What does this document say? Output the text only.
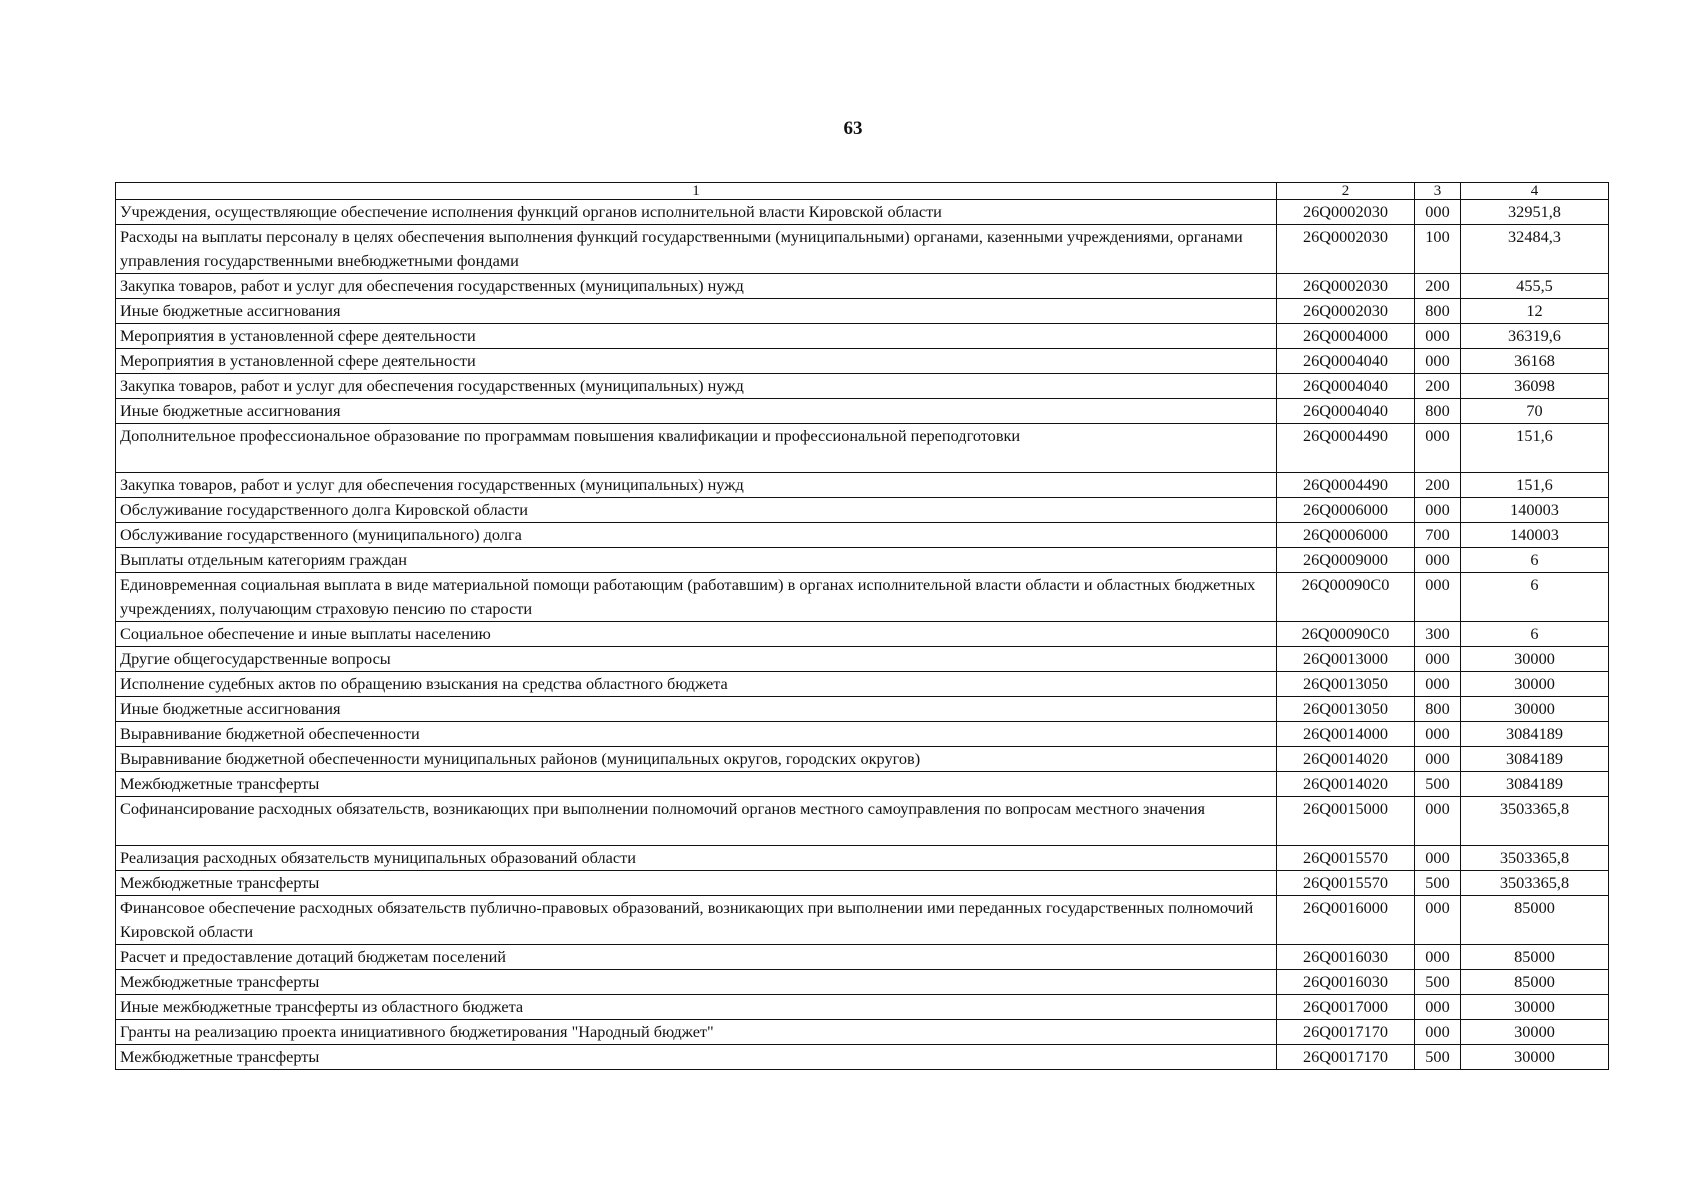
63
1	2	3	4
Учреждения, осуществляющие обеспечение исполнения функций органов исполнительной власти Кировской области	26Q0002030	000	32951,8
Расходы на выплаты персоналу в целях обеспечения выполнения функций государственными (муниципальными) органами, казенными учреждениями, органами управления государственными внебюджетными фондами	26Q0002030	100	32484,3
Закупка товаров, работ и услуг для обеспечения государственных (муниципальных) нужд	26Q0002030	200	455,5
Иные бюджетные ассигнования	26Q0002030	800	12
Мероприятия в установленной сфере деятельности	26Q0004000	000	36319,6
Мероприятия в установленной сфере деятельности	26Q0004040	000	36168
Закупка товаров, работ и услуг для обеспечения государственных (муниципальных) нужд	26Q0004040	200	36098
Иные бюджетные ассигнования	26Q0004040	800	70
Дополнительное профессиональное образование по программам повышения квалификации и профессиональной переподготовки	26Q0004490	000	151,6
Закупка товаров, работ и услуг для обеспечения государственных (муниципальных) нужд	26Q0004490	200	151,6
Обслуживание государственного долга Кировской области	26Q0006000	000	140003
Обслуживание государственного (муниципального) долга	26Q0006000	700	140003
Выплаты отдельным категориям граждан	26Q0009000	000	6
Единовременная социальная выплата в виде материальной помощи работающим (работавшим) в органах исполнительной власти области и областных бюджетных учреждениях, получающим страховую пенсию по старости	26Q00090C0	000	6
Социальное обеспечение и иные выплаты населению	26Q00090C0	300	6
Другие общегосударственные вопросы	26Q0013000	000	30000
Исполнение судебных актов по обращению взыскания на средства областного бюджета	26Q0013050	000	30000
Иные бюджетные ассигнования	26Q0013050	800	30000
Выравнивание бюджетной обеспеченности	26Q0014000	000	3084189
Выравнивание бюджетной обеспеченности муниципальных районов (муниципальных округов, городских округов)	26Q0014020	000	3084189
Межбюджетные трансферты	26Q0014020	500	3084189
Софинансирование расходных обязательств, возникающих при выполнении полномочий органов местного самоуправления по вопросам местного значения	26Q0015000	000	3503365,8
Реализация расходных обязательств муниципальных образований области	26Q0015570	000	3503365,8
Межбюджетные трансферты	26Q0015570	500	3503365,8
Финансовое обеспечение расходных обязательств публично-правовых образований, возникающих при выполнении ими переданных государственных полномочий Кировской области	26Q0016000	000	85000
Расчет и предоставление дотаций бюджетам поселений	26Q0016030	000	85000
Межбюджетные трансферты	26Q0016030	500	85000
Иные межбюджетные трансферты из областного бюджета	26Q0017000	000	30000
Гранты на реализацию проекта инициативного бюджетирования "Народный бюджет"	26Q0017170	000	30000
Межбюджетные трансферты	26Q0017170	500	30000
